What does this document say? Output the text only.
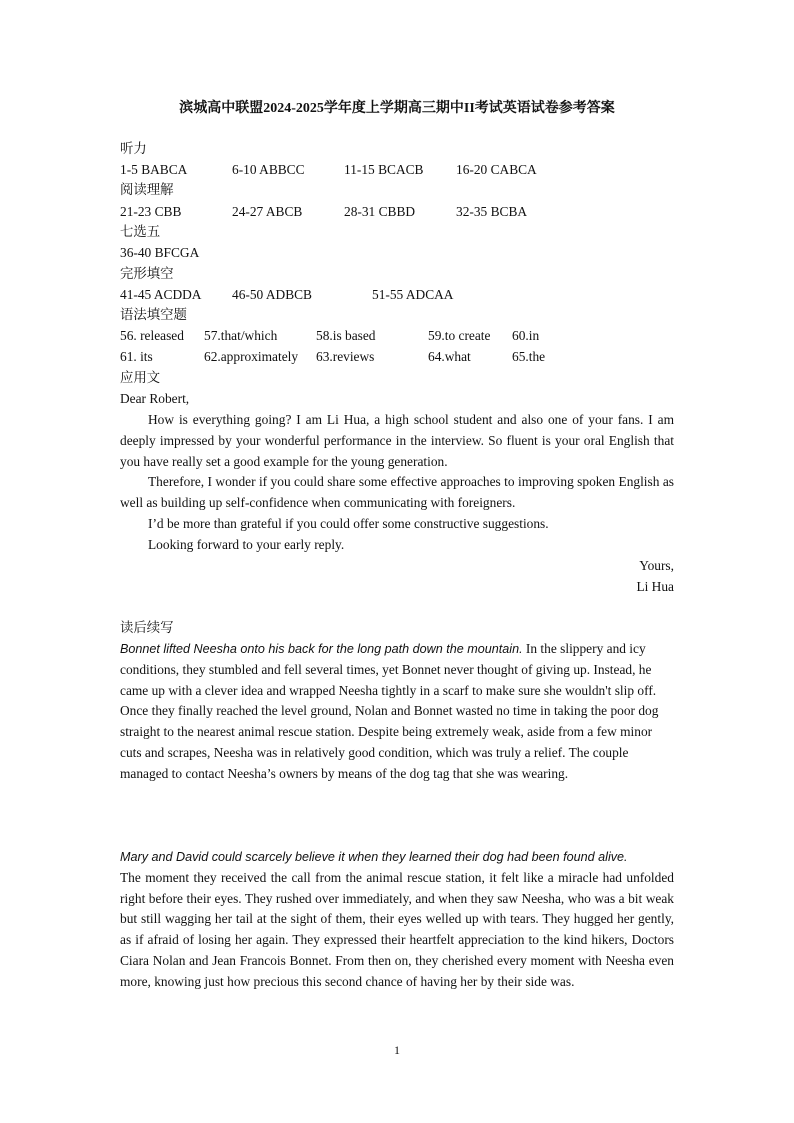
滨城高中联盟2024-2025学年度上学期高三期中II考试英语试卷参考答案
听力
1-5 BABCA	6-10 ABBCC	11-15 BCACB 16-20 CABCA
阅读理解
21-23 CBB	24-27 ABCB	28-31 CBBD	32-35 BCBA
七选五
36-40 BFCGA
完形填空
41-45 ACDDA 46-50 ADBCB	51-55 ADCAA
语法填空题
56. released 57.that/which	58.is based	59.to create 60.in
61. its	62.approximately 63.reviews	64.what	65.the
应用文
Dear Robert,

How is everything going? I am Li Hua, a high school student and also one of your fans. I am deeply impressed by your wonderful performance in the interview. So fluent is your oral English that you have really set a good example for the young generation.

Therefore, I wonder if you could share some effective approaches to improving spoken English as well as building up self-confidence when communicating with foreigners.

I’d be more than grateful if you could offer some constructive suggestions.

Looking forward to your early reply.

Yours,
Li Hua
读后续写

Bonnet lifted Neesha onto his back for the long path down the mountain. In the slippery and icy conditions, they stumbled and fell several times, yet Bonnet never thought of giving up. Instead, he came up with a clever idea and wrapped Neesha tightly in a scarf to make sure she wouldn't slip off. Once they finally reached the level ground, Nolan and Bonnet wasted no time in taking the poor dog straight to the nearest animal rescue station. Despite being extremely weak, aside from a few minor cuts and scrapes, Neesha was in relatively good condition, which was truly a relief. The couple managed to contact Neesha’s owners by means of the dog tag that she was wearing.

Mary and David could scarcely believe it when they learned their dog had been found alive.
The moment they received the call from the animal rescue station, it felt like a miracle had unfolded right before their eyes. They rushed over immediately, and when they saw Neesha, who was a bit weak but still wagging her tail at the sight of them, their eyes welled up with tears. They hugged her gently, as if afraid of losing her again. They expressed their heartfelt appreciation to the kind hikers, Doctors Ciara Nolan and Jean Francois Bonnet. From then on, they cherished every moment with Neesha even more, knowing just how precious this second chance of having her by their side was.

1
